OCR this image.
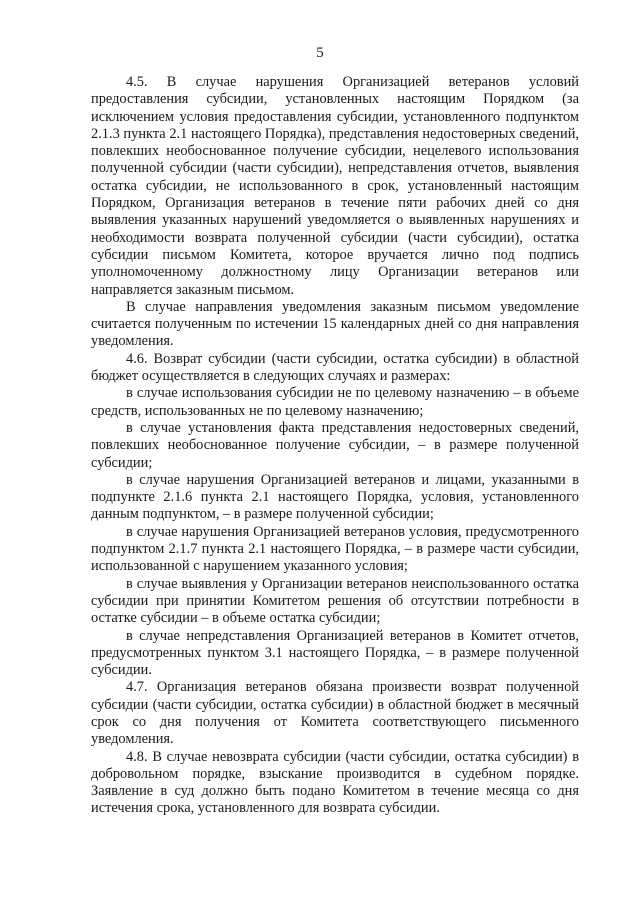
5

4.5. В случае нарушения Организацией ветеранов условий предоставления субсидии, установленных настоящим Порядком (за исключением условия предоставления субсидии, установленного подпунктом 2.1.3 пункта 2.1 настоящего Порядка), представления недостоверных сведений, повлекших необоснованное получение субсидии, нецелевого использования полученной субсидии (части субсидии), непредставления отчетов, выявления остатка субсидии, не использованного в срок, установленный настоящим Порядком, Организация ветеранов в течение пяти рабочих дней со дня выявления указанных нарушений уведомляется о выявленных нарушениях и необходимости возврата полученной субсидии (части субсидии), остатка субсидии письмом Комитета, которое вручается лично под подпись уполномоченному должностному лицу Организации ветеранов или направляется заказным письмом.

В случае направления уведомления заказным письмом уведомление считается полученным по истечении 15 календарных дней со дня направления уведомления.

4.6. Возврат субсидии (части субсидии, остатка субсидии) в областной бюджет осуществляется в следующих случаях и размерах:

в случае использования субсидии не по целевому назначению – в объеме средств, использованных не по целевому назначению;

в случае установления факта представления недостоверных сведений, повлекших необоснованное получение субсидии, – в размере полученной субсидии;

в случае нарушения Организацией ветеранов и лицами, указанными в подпункте 2.1.6 пункта 2.1 настоящего Порядка, условия, установленного данным подпунктом, – в размере полученной субсидии;

в случае нарушения Организацией ветеранов условия, предусмотренного подпунктом 2.1.7 пункта 2.1 настоящего Порядка, – в размере части субсидии, использованной с нарушением указанного условия;

в случае выявления у Организации ветеранов неиспользованного остатка субсидии при принятии Комитетом решения об отсутствии потребности в остатке субсидии – в объеме остатка субсидии;

в случае непредставления Организацией ветеранов в Комитет отчетов, предусмотренных пунктом 3.1 настоящего Порядка, – в размере полученной субсидии.

4.7. Организация ветеранов обязана произвести возврат полученной субсидии (части субсидии, остатка субсидии) в областной бюджет в месячный срок со дня получения от Комитета соответствующего письменного уведомления.

4.8. В случае невозврата субсидии (части субсидии, остатка субсидии) в добровольном порядке, взыскание производится в судебном порядке. Заявление в суд должно быть подано Комитетом в течение месяца со дня истечения срока, установленного для возврата субсидии.
